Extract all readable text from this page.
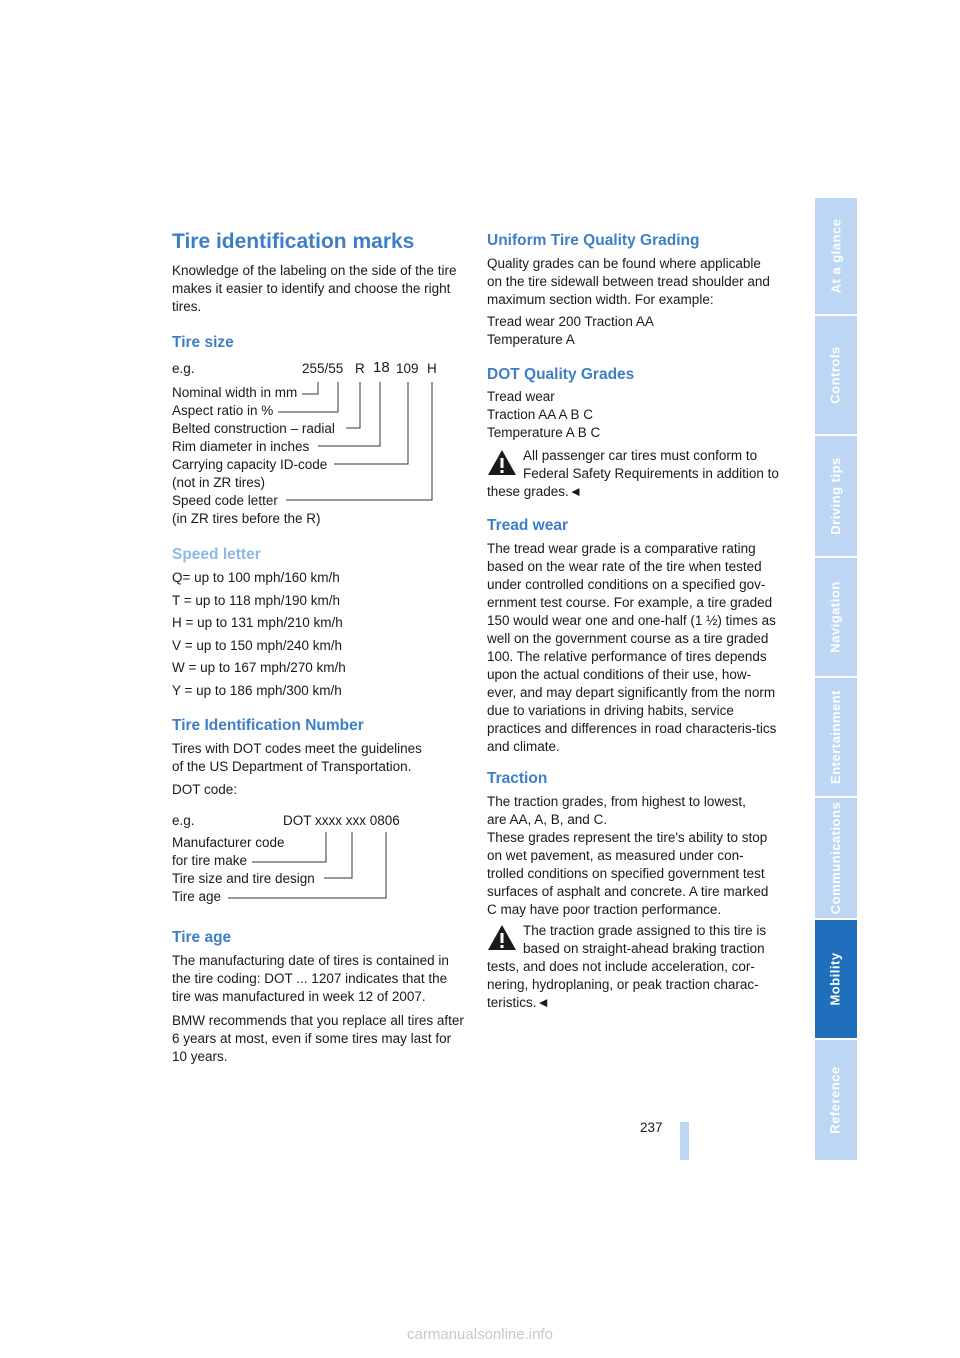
At a glance
Controls
Driving tips
Navigation
Entertainment
Communications
Mobility
Reference
Tire identification marks

Knowledge of the labeling on the side of the tire makes it easier to identify and choose the right tires.

Tire size
e.g.	255/55 R 18 109 H
Nominal width in mm
Aspect ratio in %
Belted construction – radial
Rim diameter in inches
Carrying capacity ID-code
(not in ZR tires)
Speed code letter
(in ZR tires before the R)
Speed letter

Q= up to 100 mph/160 km/h

T = up to 118 mph/190 km/h

H = up to 131 mph/210 km/h

V = up to 150 mph/240 km/h

W = up to 167 mph/270 km/h

Y = up to 186 mph/300 km/h

Tire Identification Number

Tires with DOT codes meet the guidelines
of the US Department of Transportation.

DOT code:

e.g.	DOT xxxx xxx 0806
Manufacturer code
for tire make
Tire size and tire design
Tire age
Tire age

The manufacturing date of tires is contained in the tire coding: DOT ... 1207 indicates that the tire was manufactured in week 12 of 2007.

BMW recommends that you replace all tires after 6 years at most, even if some tires may last for 10 years.

Uniform Tire Quality Grading

Quality grades can be found where applicable on the tire sidewall between tread shoulder and maximum section width. For example:

Tread wear 200 Traction AA
Temperature A

DOT Quality Grades

Tread wear
Traction AA A B C
Temperature A B C

All passenger car tires must conform to Federal Safety Requirements in addition to these grades.◄

Tread wear

The tread wear grade is a comparative rating based on the wear rate of the tire when tested under controlled conditions on a specified gov-ernment test course. For example, a tire graded 150 would wear one and one-half (1 ½) times as well on the government course as a tire graded 100. The relative performance of tires depends upon the actual conditions of their use, how-ever, and may depart significantly from the norm due to variations in driving habits, service practices and differences in road characteris-tics and climate.

Traction

The traction grades, from highest to lowest,
are AA, A, B, and C.
These grades represent the tire's ability to stop on wet pavement, as measured under con-trolled conditions on specified government test surfaces of asphalt and concrete. A tire marked C may have poor traction performance.

The traction grade assigned to this tire is based on straight-ahead braking traction tests, and does not include acceleration, cor-nering, hydroplaning, or peak traction charac-teristics.◄

237
carmanualsonline.info
